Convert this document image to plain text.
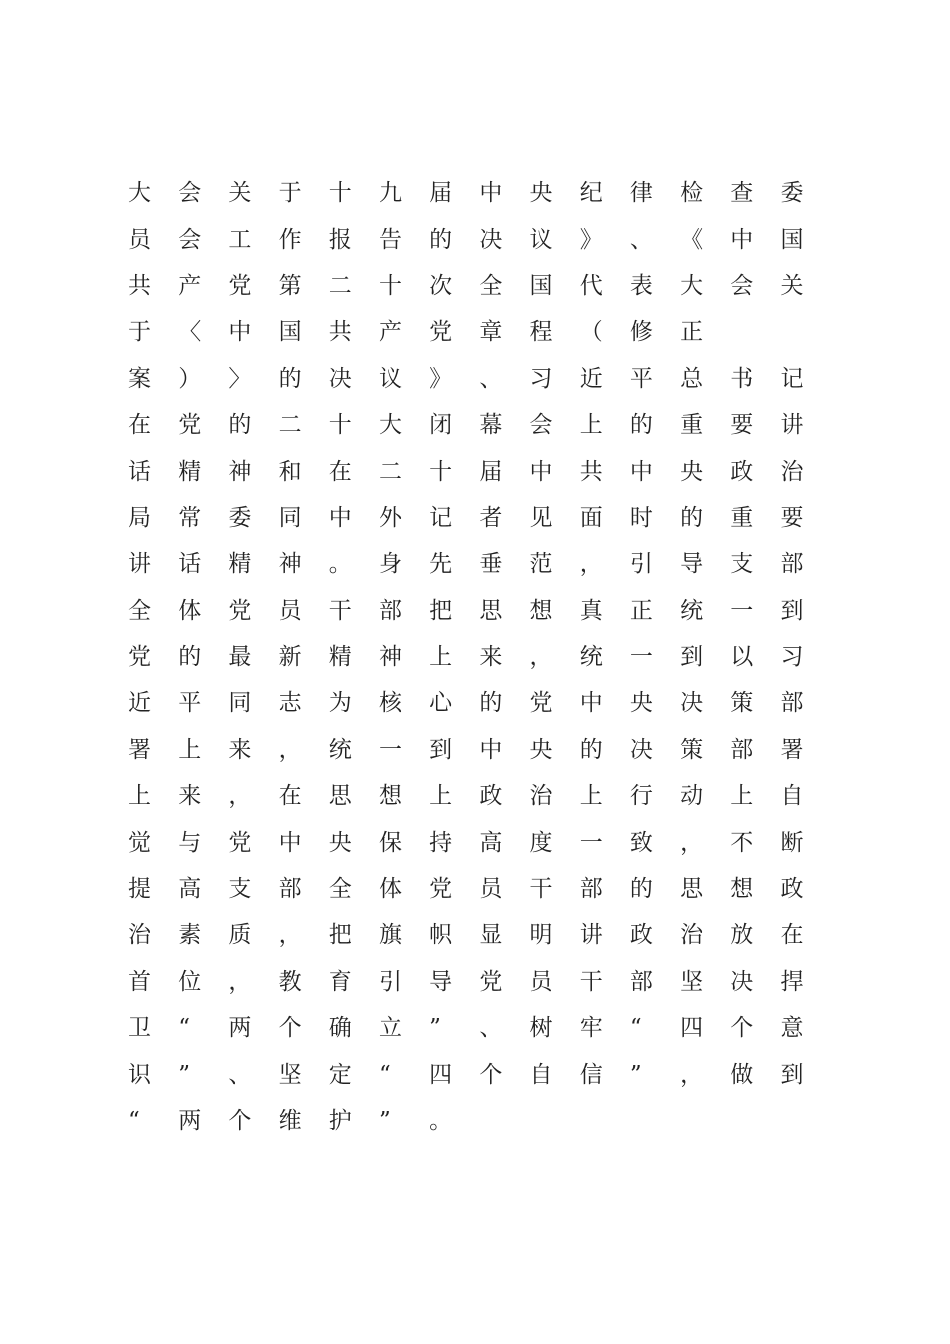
大	会	关	于	十	九	届	中	央	纪	律	检	查	委
员	会	工	作	报	告	的	决	议	》	、	《	中	国
共	产	党	第	二	十	次	全	国	代	表	大	会	关
于	〈	中	国	共	产	党	章	程	（	修	正
案	）	〉	的	决	议	》	、	习	近	平	总	书	记
在	党	的	二	十	大	闭	幕	会	上	的	重	要	讲
话	精	神	和	在	二	十	届	中	共	中	央	政	治
局	常	委	同	中	外	记	者	见	面	时	的	重	要
讲	话	精	神	。	身	先	垂	范	，	引	导	支	部
全	体	党	员	干	部	把	思	想	真	正	统	一	到
党	的	最	新	精	神	上	来	，	统	一	到	以	习
近	平	同	志	为	核	心	的	党	中	央	决	策	部
署	上	来	，	统	一	到	中	央	的	决	策	部	署
上	来	，	在	思	想	上	政	治	上	行	动	上	自
觉	与	党	中	央	保	持	高	度	一	致	，	不	断
提	高	支	部	全	体	党	员	干	部	的	思	想	政
治	素	质	，	把	旗	帜	显	明	讲	政	治	放	在
首	位	，	教	育	引	导	党	员	干	部	坚	决	捍
卫	“	两	个	确	立	”	、	树	牢	“	四	个	意
识	”	、	坚	定	“	四	个	自	信	”	，	做	到
“	两	个	维	护	”	。
